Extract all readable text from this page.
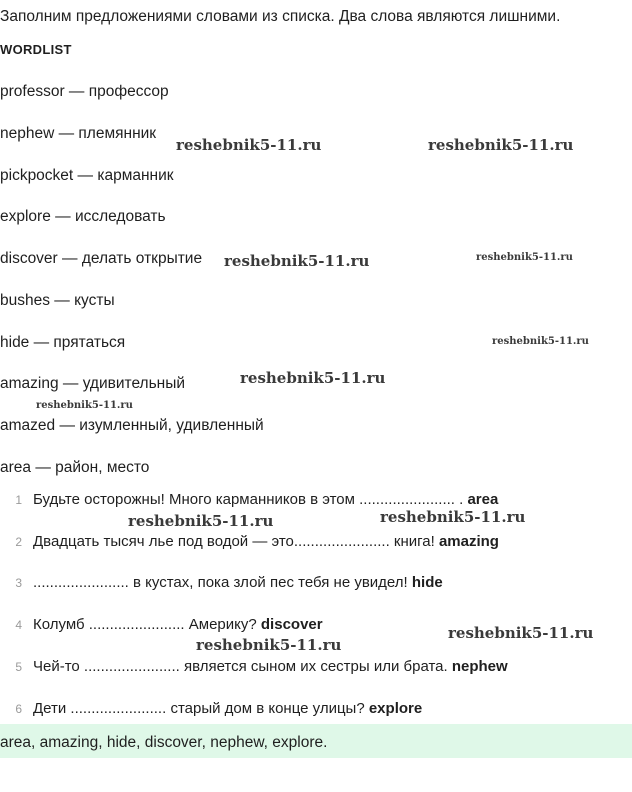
Заполним предложениями словами из списка. Два слова являются лишними.
WORDLIST
professor — профессор
nephew — племянник
pickpocket — карманник
explore — исследовать
discover — делать открытие
bushes — кусты
hide — прятаться
amazing — удивительный
amazed — изумленный, удивленный
area — район, место
1 Будьте осторожны! Много карманников в этом ....................... . area
2 Двадцать тысяч лье под водой — это....................... книга! amazing
3 ....................... в кустах, пока злой пес тебя не увидел! hide
4 Колумб ....................... Америку? discover
5 Чей-то ....................... является сыном их сестры или брата. nephew
6 Дети ....................... старый дом в конце улицы? explore
area, amazing, hide, discover, nephew, explore.
reshebnik5-11.ru	reshebnik5-11.ru
reshebnik5-11.ru	reshebnik5-11.ru
reshebnik5-11.ru
reshebnik5-11.ru
reshebnik5-11.ru
reshebnik5-11.ru	reshebnik5-11.ru
reshebnik5-11.ru
reshebnik5-11.ru
